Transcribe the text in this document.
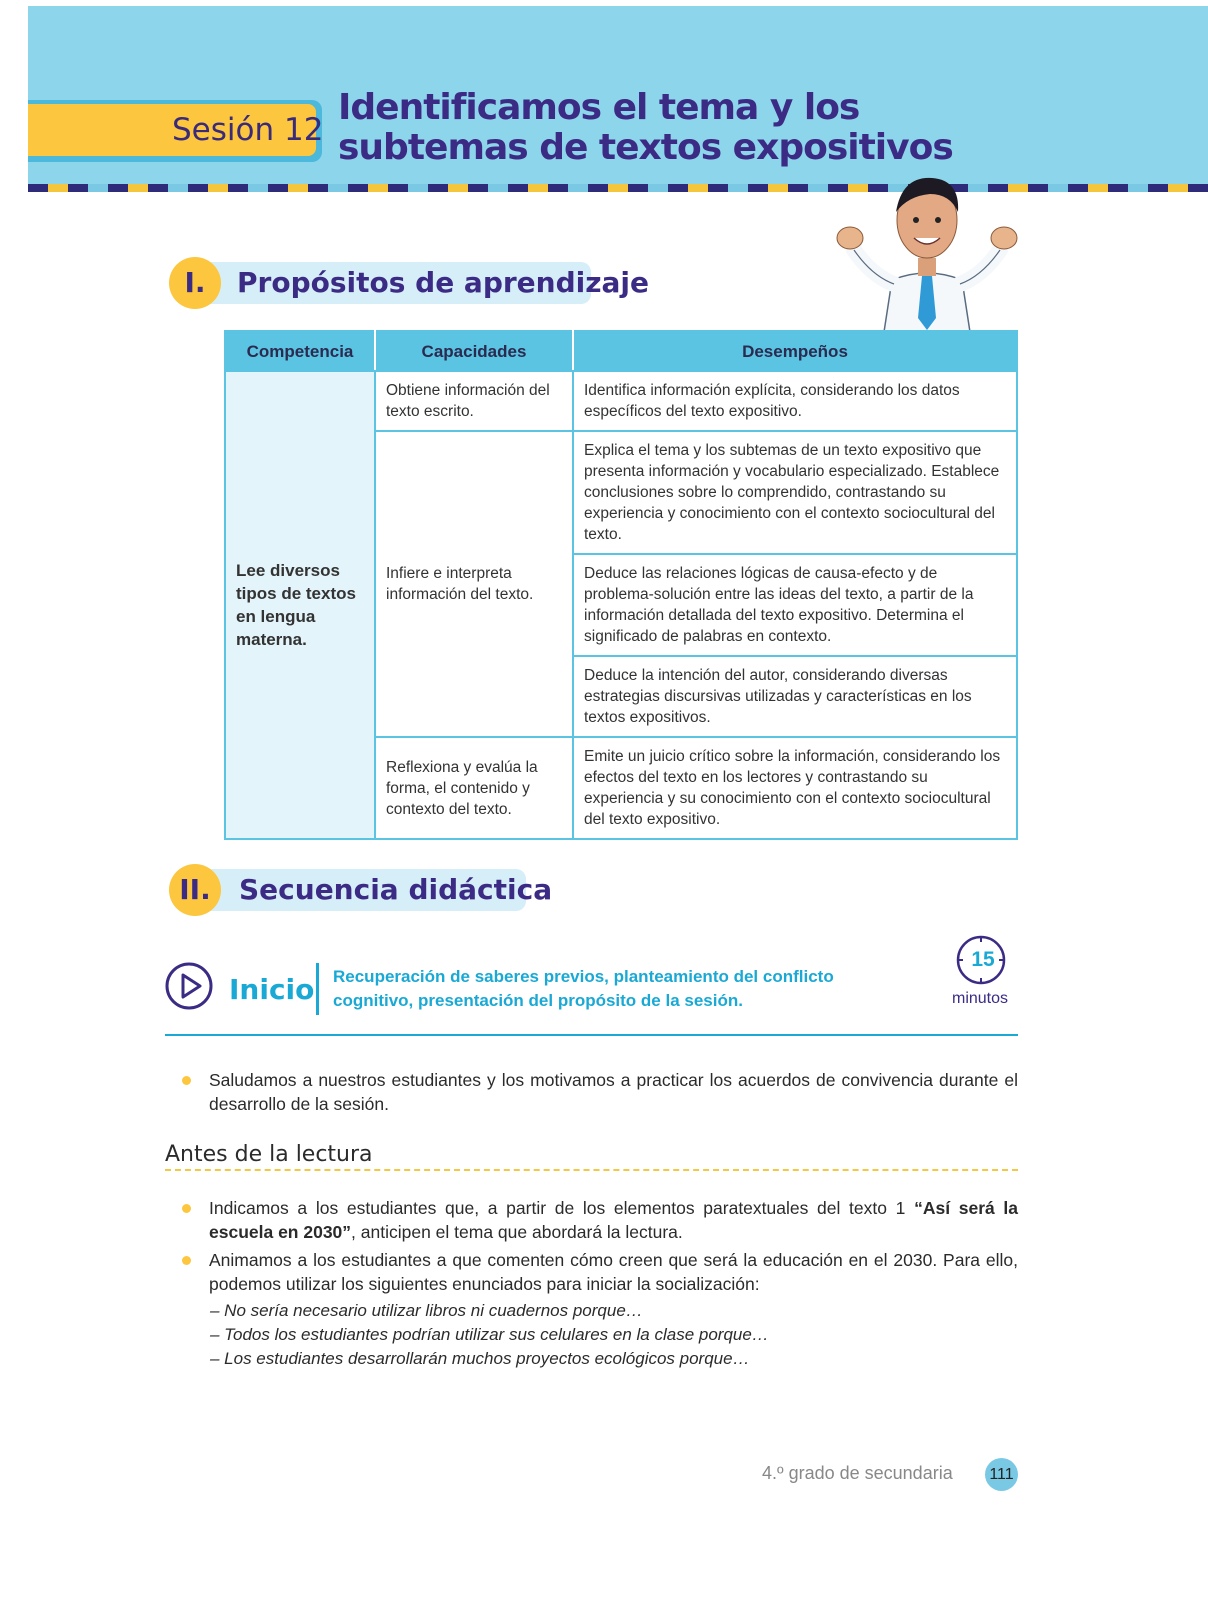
Sesión 12
Identificamos el tema y los subtemas de textos expositivos
I.	Propósitos de aprendizaje
Competencia	Capacidades	Desempeños
Lee diversos tipos de textos en lengua materna.	Obtiene información del texto escrito.	Identifica información explícita, considerando los datos específicos del texto expositivo.
	Infiere e interpreta información del texto.	Explica el tema y los subtemas de un texto expositivo que presenta información y vocabulario especializado. Establece conclusiones sobre lo comprendido, contrastando su experiencia y conocimiento con el contexto sociocultural del texto.
		Deduce las relaciones lógicas de causa-efecto y de problema-solución entre las ideas del texto, a partir de la información detallada del texto expositivo. Determina el significado de palabras en contexto.
		Deduce la intención del autor, considerando diversas estrategias discursivas utilizadas y características en los textos expositivos.
	Reflexiona y evalúa la forma, el contenido y contexto del texto.	Emite un juicio crítico sobre la información, considerando los efectos del texto en los lectores y contrastando su experiencia y su conocimiento con el contexto sociocultural del texto expositivo.
II.	Secuencia didáctica
Inicio Recuperación de saberes previos, planteamiento del conflicto cognitivo, presentación del propósito de la sesión.
15
minutos
Saludamos a nuestros estudiantes y los motivamos a practicar los acuerdos de convivencia durante el desarrollo de la sesión.
Antes de la lectura
Indicamos a los estudiantes que, a partir de los elementos paratextuales del texto 1 “Así será la escuela en 2030”, anticipen el tema que abordará la lectura.
Animamos a los estudiantes a que comenten cómo creen que será la educación en el 2030. Para ello, podemos utilizar los siguientes enunciados para iniciar la socialización:
– No sería necesario utilizar libros ni cuadernos porque…
– Todos los estudiantes podrían utilizar sus celulares en la clase porque…
– Los estudiantes desarrollarán muchos proyectos ecológicos porque…
4.º grado de secundaria 111
